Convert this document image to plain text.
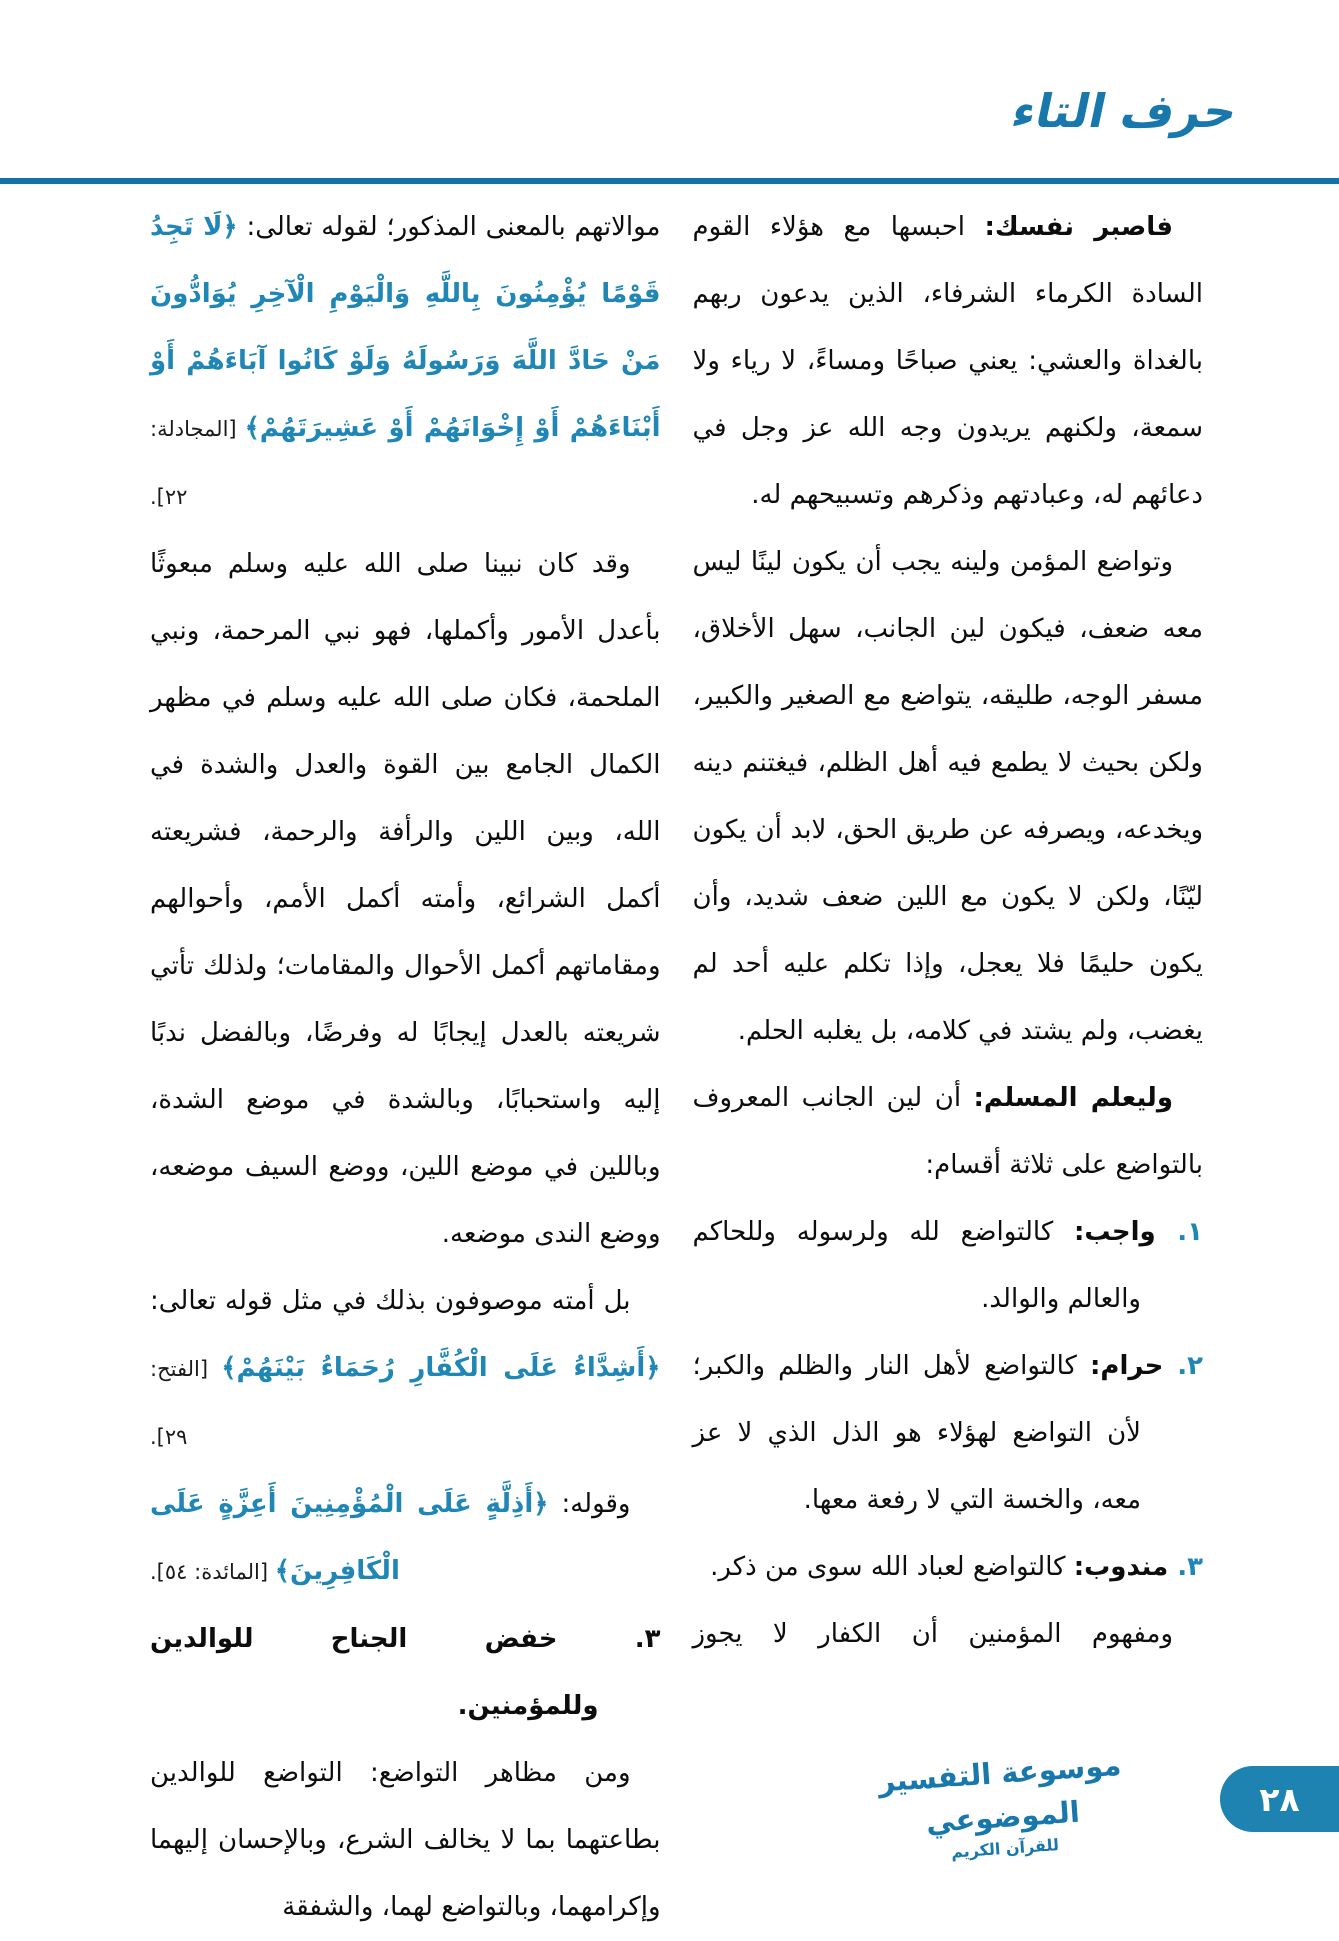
حرف التاء

فاصبر نفسك: احبسها مع هؤلاء القوم السادة الكرماء الشرفاء، الذين يدعون ربهم بالغداة والعشي: يعني صباحًا ومساءً، لا رياء ولا سمعة، ولكنهم يريدون وجه الله عز وجل في دعائهم له، وعبادتهم وذكرهم وتسبيحهم له.

وتواضع المؤمن ولينه يجب أن يكون لينًا ليس معه ضعف، فيكون لين الجانب، سهل الأخلاق، مسفر الوجه، طليقه، يتواضع مع الصغير والكبير، ولكن بحيث لا يطمع فيه أهل الظلم، فيغتنم دينه ويخدعه، ويصرفه عن طريق الحق، لابد أن يكون ليّنًا، ولكن لا يكون مع اللين ضعف شديد، وأن يكون حليمًا فلا يعجل، وإذا تكلم عليه أحد لم يغضب، ولم يشتد في كلامه، بل يغلبه الحلم.

وليعلم المسلم: أن لين الجانب المعروف بالتواضع على ثلاثة أقسام:

١. واجب: كالتواضع لله ولرسوله وللحاكم والعالم والوالد.
٢. حرام: كالتواضع لأهل النار والظلم والكبر؛ لأن التواضع لهؤلاء هو الذل الذي لا عز معه، والخسة التي لا رفعة معها.
٣. مندوب: كالتواضع لعباد الله سوى من ذكر.

ومفهوم المؤمنين أن الكفار لا يجوز

موالاتهم بالمعنى المذكور؛ لقوله تعالى: ﴿لَا تَجِدُ قَوْمًا يُؤْمِنُونَ بِاللَّهِ وَالْيَوْمِ الْآخِرِ يُوَادُّونَ مَنْ حَادَّ اللَّهَ وَرَسُولَهُ وَلَوْ كَانُوا آبَاءَهُمْ أَوْ أَبْنَاءَهُمْ أَوْ إِخْوَانَهُمْ أَوْ عَشِيرَتَهُمْ﴾ [المجادلة: ٢٢].

وقد كان نبينا صلى الله عليه وسلم مبعوثًا بأعدل الأمور وأكملها، فهو نبي المرحمة، ونبي الملحمة، فكان صلى الله عليه وسلم في مظهر الكمال الجامع بين القوة والعدل والشدة في الله، وبين اللين والرأفة والرحمة، فشريعته أكمل الشرائع، وأمته أكمل الأمم، وأحوالهم ومقاماتهم أكمل الأحوال والمقامات؛ ولذلك تأتي شريعته بالعدل إيجابًا له وفرضًا، وبالفضل ندبًا إليه واستحبابًا، وبالشدة في موضع الشدة، وباللين في موضع اللين، ووضع السيف موضعه، ووضع الندى موضعه.

بل أمته موصوفون بذلك في مثل قوله تعالى: ﴿أَشِدَّاءُ عَلَى الْكُفَّارِ رُحَمَاءُ بَيْنَهُمْ﴾ [الفتح: ٢٩].

وقوله: ﴿أَذِلَّةٍ عَلَى الْمُؤْمِنِينَ أَعِزَّةٍ عَلَى الْكَافِرِينَ﴾ [المائدة: ٥٤].

٣. خفض الجناح للوالدين
وللمؤمنين.

ومن مظاهر التواضع: التواضع للوالدين بطاعتهما بما لا يخالف الشرع، وبالإحسان إليهما وإكرامهما، وبالتواضع لهما، والشفقة

موسوعة التفسير الموضوعي
للقرآن الكريم
٢٨
